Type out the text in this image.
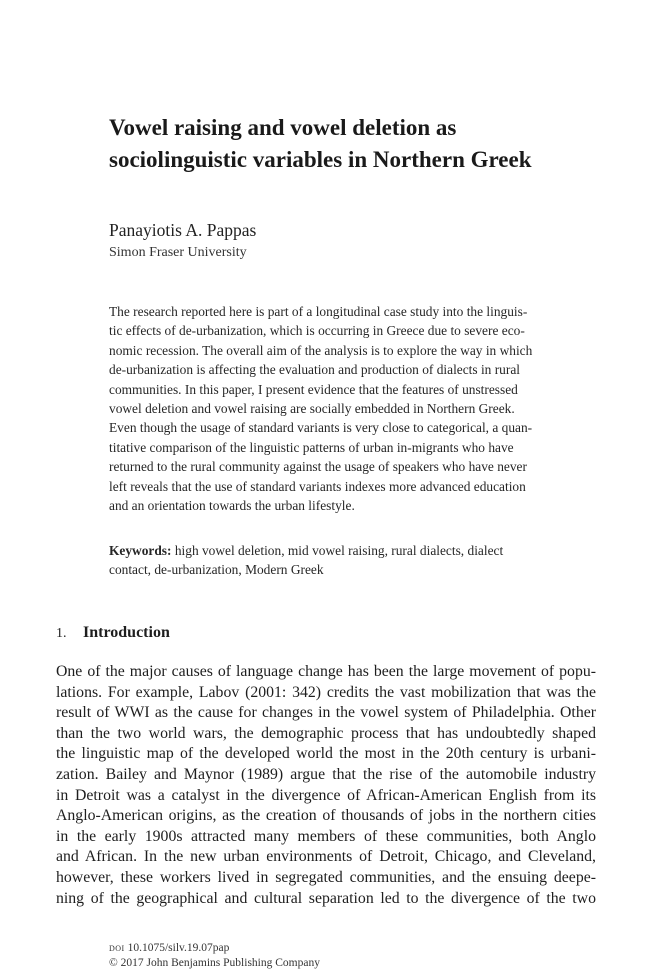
Vowel raising and vowel deletion as
sociolinguistic variables in Northern Greek
Panayiotis A. Pappas
Simon Fraser University
The research reported here is part of a longitudinal case study into the linguis-
tic effects of de-urbanization, which is occurring in Greece due to severe eco-
nomic recession. The overall aim of the analysis is to explore the way in which
de-urbanization is affecting the evaluation and production of dialects in rural
communities. In this paper, I present evidence that the features of unstressed
vowel deletion and vowel raising are socially embedded in Northern Greek.
Even though the usage of standard variants is very close to categorical, a quan-
titative comparison of the linguistic patterns of urban in-migrants who have
returned to the rural community against the usage of speakers who have never
left reveals that the use of standard variants indexes more advanced education
and an orientation towards the urban lifestyle.
Keywords: high vowel deletion, mid vowel raising, rural dialects, dialect
contact, de-urbanization, Modern Greek
1. Introduction
One of the major causes of language change has been the large movement of popu-
lations. For example, Labov (2001: 342) credits the vast mobilization that was the
result of WWI as the cause for changes in the vowel system of Philadelphia. Other
than the two world wars, the demographic process that has undoubtedly shaped
the linguistic map of the developed world the most in the 20th century is urbani-
zation. Bailey and Maynor (1989) argue that the rise of the automobile industry
in Detroit was a catalyst in the divergence of African-American English from its
Anglo-American origins, as the creation of thousands of jobs in the northern cities
in the early 1900s attracted many members of these communities, both Anglo
and African. In the new urban environments of Detroit, Chicago, and Cleveland,
however, these workers lived in segregated communities, and the ensuing deepe-
ning of the geographical and cultural separation led to the divergence of the two
doi 10.1075/silv.19.07pap
© 2017 John Benjamins Publishing Company
